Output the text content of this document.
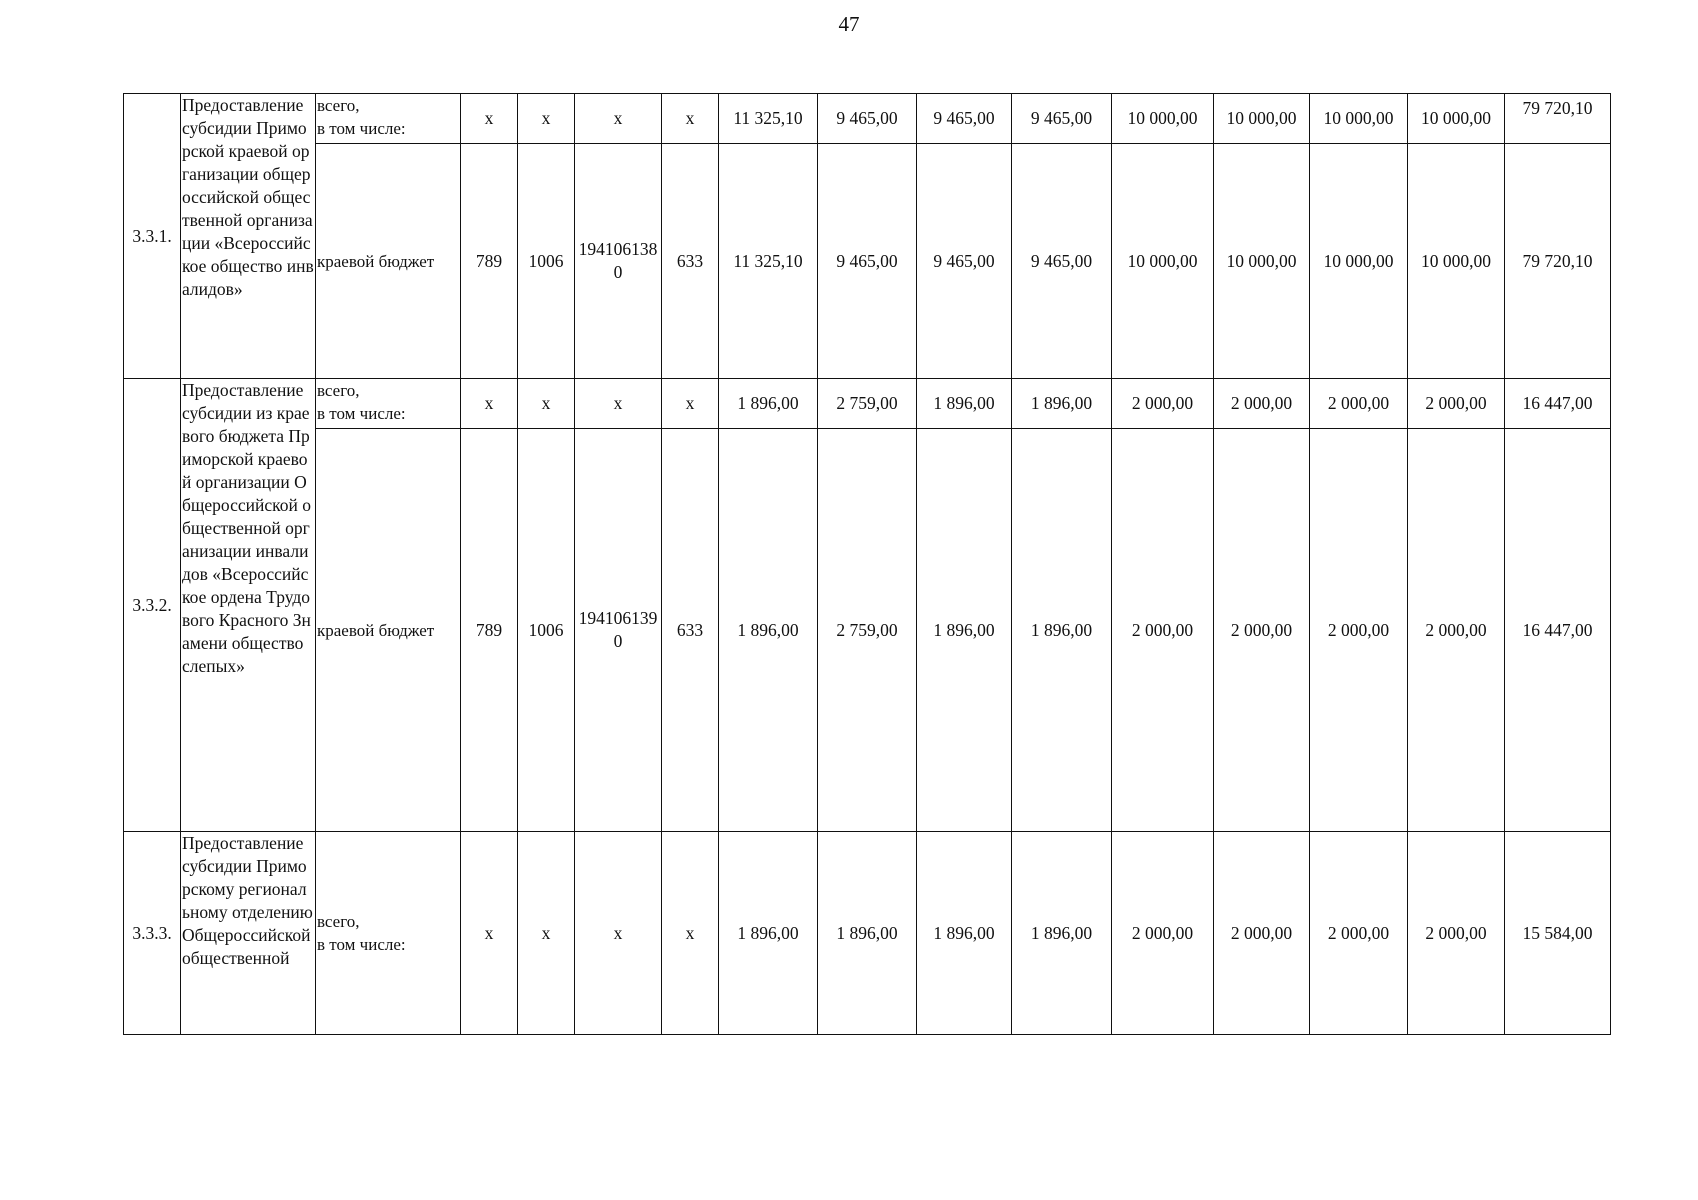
47
3.3.1.	Предоставление субсидии Приморской краевой организации общероссийской общественной организации «Всероссийское общество инвалидов»	всего,
в том числе:	x	x	x	x	11 325,10	9 465,00	9 465,00	9 465,00	10 000,00	10 000,00	10 000,00	10 000,00	79 720,10

		краевой бюджет	789	1006	1941061380	633	11 325,10	9 465,00	9 465,00	9 465,00	10 000,00	10 000,00	10 000,00	10 000,00	79 720,10
3.3.2.	Предоставление субсидии из краевого бюджета Приморской краевой организации Общероссийской общественной организации инвалидов «Всероссийское ордена Трудового Красного Знамени общество слепых»	всего,
в том числе:	x	x	x	x	1 896,00	2 759,00	1 896,00	1 896,00	2 000,00	2 000,00	2 000,00	2 000,00	16 447,00
		краевой бюджет	789	1006	1941061390	633	1 896,00	2 759,00	1 896,00	1 896,00	2 000,00	2 000,00	2 000,00	2 000,00	16 447,00
3.3.3.	Предоставление субсидии Приморскому региональному отделению Общероссийской общественной	всего,
в том числе:	x	x	x	x	1 896,00	1 896,00	1 896,00	1 896,00	2 000,00	2 000,00	2 000,00	2 000,00	15 584,00
